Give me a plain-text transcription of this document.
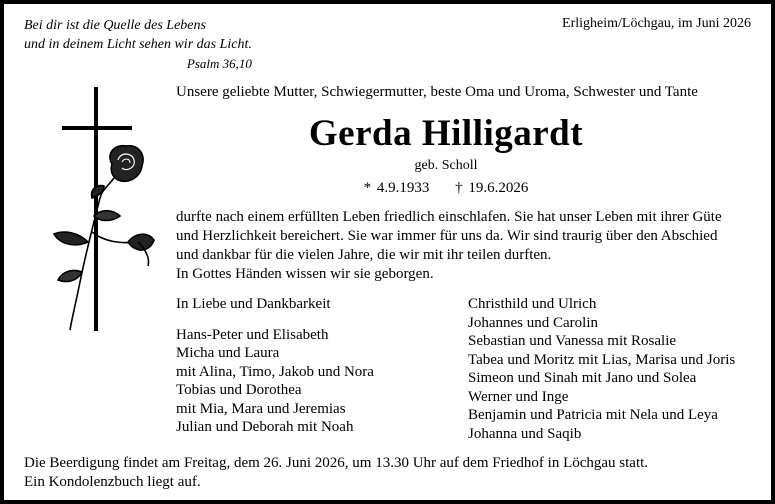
Bei dir ist die Quelle des Lebens
und in deinem Licht sehen wir das Licht.
Psalm 36,10
Erligheim/Löchgau, im Juni 2026
Unsere geliebte Mutter, Schwiegermutter, beste Oma und Uroma, Schwester und Tante
Gerda Hilligardt
geb. Scholl
* 4.9.1933 † 19.6.2026
durfte nach einem erfüllten Leben friedlich einschlafen. Sie hat unser Leben mit ihrer Güte
und Herzlichkeit bereichert. Sie war immer für uns da. Wir sind traurig über den Abschied
und dankbar für die vielen Jahre, die wir mit ihr teilen durften.
In Gottes Händen wissen wir sie geborgen.
In Liebe und Dankbarkeit
Hans-Peter und Elisabeth
Micha und Laura
mit Alina, Timo, Jakob und Nora
Tobias und Dorothea
mit Mia, Mara und Jeremias
Julian und Deborah mit Noah
Christhild und Ulrich
Johannes und Carolin
Sebastian und Vanessa mit Rosalie
Tabea und Moritz mit Lias, Marisa und Joris
Simeon und Sinah mit Jano und Solea
Werner und Inge
Benjamin und Patricia mit Nela und Leya
Johanna und Saqib
Die Beerdigung findet am Freitag, dem 26. Juni 2026, um 13.30 Uhr auf dem Friedhof in Löchgau statt.
Ein Kondolenzbuch liegt auf.
